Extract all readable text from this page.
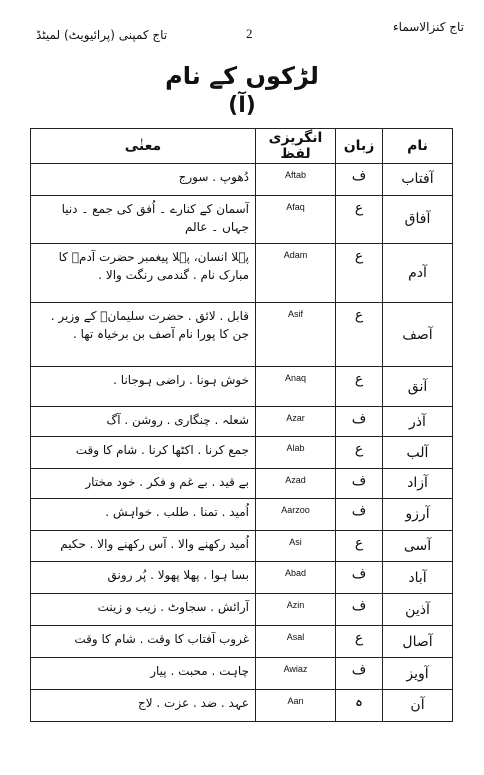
تاج کنزالاسماء
2
تاج کمپنی (پرائیویٹ) لمیٹڈ
لڑکوں کے نام
(آ)
معنٰی	انگریزی لفظ	زبان	نام
دُھوپ . سورج	Aftab	ف	آفتاب
آسمان کے کنارے ۔ اُفق کی جمع ۔ دنیا جہاں ۔ عالم	Afaq	ع	آفاق
پہلا انسان، پہلا پیغمبر حضرت آدمؑ کا مبارک نام . گندمی رنگت والا .	Adam	ع	آدم
قابل . لائق . حضرت سلیمانؑ کے وزیر . جن کا پورا نام آصف بن برخیاہ تھا .	Asif	ع	آصف
خوش ہونا . راضی ہوجانا .	Anaq	ع	آنق
شعلہ . چنگاری . روشن . آگ	Azar	ف	آذر
جمع کرنا . اکٹھا کرنا . شام کا وقت	Alab	ع	آلب
بے قید . بے غم و فکر . خود مختار	Azad	ف	آزاد
اُمید . تمنا . طلب . خواہش .	Aarzoo	ف	آرزو
اُمید رکھنے والا . آس رکھنے والا . حکیم	Asi	ع	آسی
بسا ہوا . پھلا پھولا . پُر رونق	Abad	ف	آباد
آرائش . سجاوٹ . زیب و زینت	Azin	ف	آذین
غروب آفتاب کا وقت . شام کا وقت	Asal	ع	آصال
چاہت . محبت . پیار	Awiaz	ف	آویز
عہد . ضد . عزت . لاج	Aan	ہ	آن
